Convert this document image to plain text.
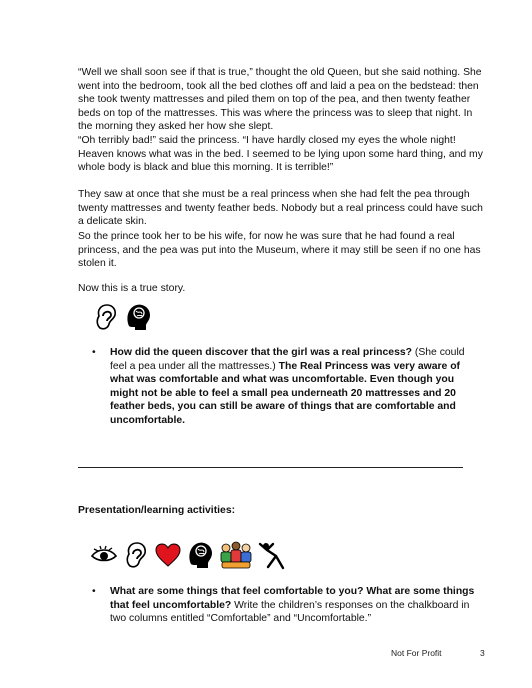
“Well we shall soon see if that is true,” thought the old Queen, but she said nothing. She went into the bedroom, took all the bed clothes off and laid a pea on the bedstead: then she took twenty mattresses and piled them on top of the pea, and then twenty feather beds on top of the mattresses. This was where the princess was to sleep that night. In the morning they asked her how she slept.

“Oh terribly bad!” said the princess. “I have hardly closed my eyes the whole night! Heaven knows what was in the bed. I seemed to be lying upon some hard thing, and my whole body is black and blue this morning. It is terrible!”

They saw at once that she must be a real princess when she had felt the pea through twenty mattresses and twenty feather beds. Nobody but a real princess could have such a delicate skin.

So the prince took her to be his wife, for now he was sure that he had found a real princess, and the pea was put into the Museum, where it may still be seen if no one has stolen it.

Now this is a true story.

• How did the queen discover that the girl was a real princess? (She could feel a pea under all the mattresses.) The Real Princess was very aware of what was comfortable and what was uncomfortable. Even though you might not be able to feel a small pea underneath 20 mattresses and 20 feather beds, you can still be aware of things that are comfortable and uncomfortable.
Presentation/learning activities:
• What are some things that feel comfortable to you? What are some things that feel uncomfortable? Write the children’s responses on the chalkboard in two columns entitled “Comfortable” and “Uncomfortable.”
Not For Profit	3
